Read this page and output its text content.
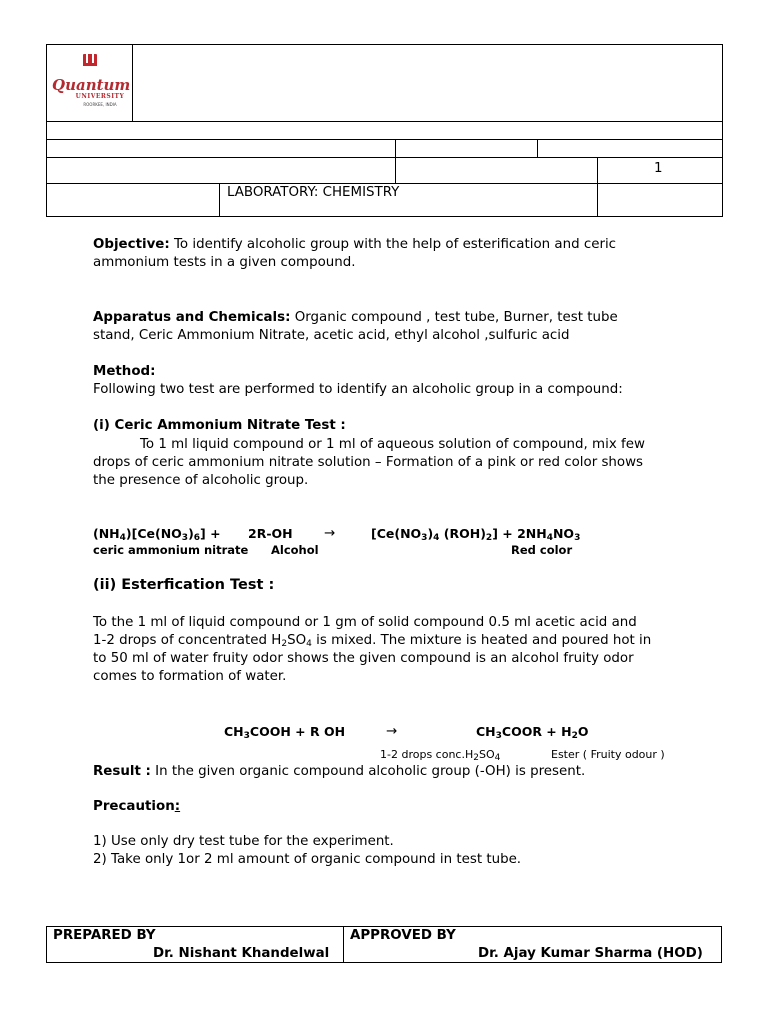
Quantum
UNIVERSITY
ROORKEE, INDIA
1
LABORATORY: CHEMISTRY
Objective: To identify alcoholic group with the help of esterification and ceric
ammonium tests in a given compound.
Apparatus and Chemicals: Organic compound , test tube, Burner, test tube
stand, Ceric Ammonium Nitrate, acetic acid, ethyl alcohol ,sulfuric acid
Method:
Following two test are performed to identify an alcoholic group in a compound:
(i) Ceric Ammonium Nitrate Test :
To 1 ml liquid compound or 1 ml of aqueous solution of compound, mix few
drops of ceric ammonium nitrate solution – Formation of a pink or red color shows
the presence of alcoholic group.
$(NH_4)[Ce(NO_3)_6] + 2R-OH$ →	[$Ce(NO_3)_4$ $(ROH)_2] + 2NH_4NO_3$
ceric ammonium nitrate Alcohol	Red color
(ii) Esterfication Test :
To the 1 ml of liquid compound or 1 gm of solid compound 0.5 ml acetic acid and
1-2 drops of concentrated $H_2SO_4$ is mixed. The mixture is heated and poured hot in
to 50 ml of water fruity odor shows the given compound is an alcohol fruity odor
comes to formation of water.
$CH_3COOH + R$ OH	→	$CH_3COOR + H_2O$
1-2 drops $conc.H_2SO_4$	Ester ( Fruity odour )
Result : In the given organic compound alcoholic group (-OH) is present.
Precaution:
1) Use only dry test tube for the experiment.
2) Take only 1or 2 ml amount of organic compound in test tube.
PREPARED BY
Dr. Nishant Khandelwal
APPROVED BY
Dr. Ajay Kumar Sharma (HOD)
